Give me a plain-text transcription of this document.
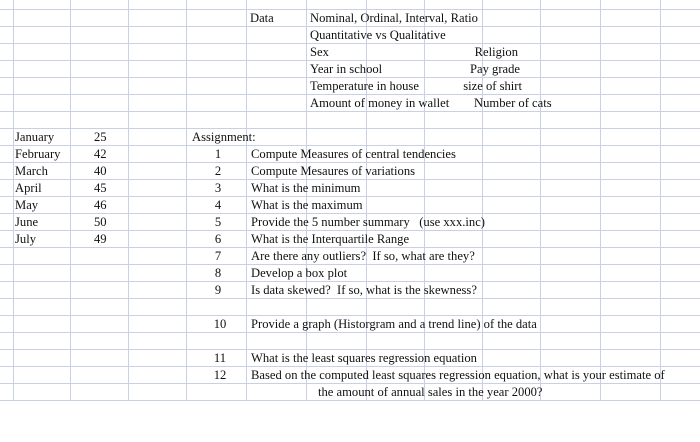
Data	Nominal, Ordinal, Interval, Ratio
Quantitative vs Qualitative
Sex
Year in school
Temperature in house
Amount of money in wallet
Religion
Pay grade
size of shirt
Number of cats
January
February
March
April
May
June
July
25
42
40
45
46
50
49
Assignment:
1
2
3
4
5
6
7
8
9
10
11
12
Compute Measures of central tendencies
Compute Mesaures of variations
What is the minimum
What is the maximum
Provide the 5 number summary   (use xxx.inc)
What is the Interquartile Range
Are there any outliers?  If so, what are they?
Develop a box plot
Is data skewed?  If so, what is the skewness?
Provide a graph (Historgram and a trend line) of the data
What is the least squares regression equation
Based on the computed least squares regression equation, what is your estimate of
the amount of annual sales in the year 2000?
